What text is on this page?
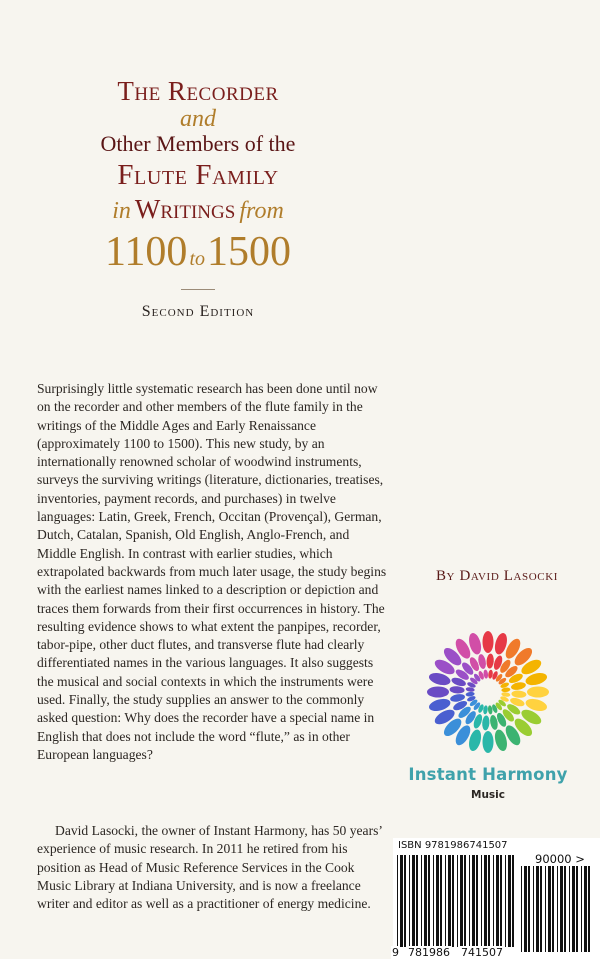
The Recorder
and
Other Members of the
Flute Family
in Writings from
1100 to1500
Second Edition

Surprisingly little systematic research has been done until now on the recorder and other members of the flute family in the writings of the Middle Ages and Early Renaissance (approximately 1100 to 1500). This new study, by an internationally renowned scholar of woodwind instruments, surveys the surviving writings (literature, dictionaries, treatises, inventories, payment records, and purchases) in twelve languages: Latin, Greek, French, Occitan (Provençal), German, Dutch, Catalan, Spanish, Old English, Anglo-French, and Middle English. In contrast with earlier studies, which extrapolated backwards from much later usage, the study begins with the earliest names linked to a description or depiction and traces them forwards from their first occurrences in history. The resulting evidence shows to what extent the panpipes, recorder, tabor-pipe, other duct flutes, and transverse flute had clearly differentiated names in the various languages. It also suggests the musical and social contexts in which the instruments were used. Finally, the study supplies an answer to the commonly asked question: Why does the recorder have a special name in English that does not include the word “flute,” as in other European languages?

David Lasocki, the owner of Instant Harmony, has 50 years’ experience of music research. In 2011 he retired from his position as Head of Music Reference Services in the Cook Music Library at Indiana University, and is now a freelance writer and editor as well as a practitioner of energy medicine.

By David Lasocki
Instant Harmony
Music
ISBN 9781986741507
90000 >
9 781986 741507
